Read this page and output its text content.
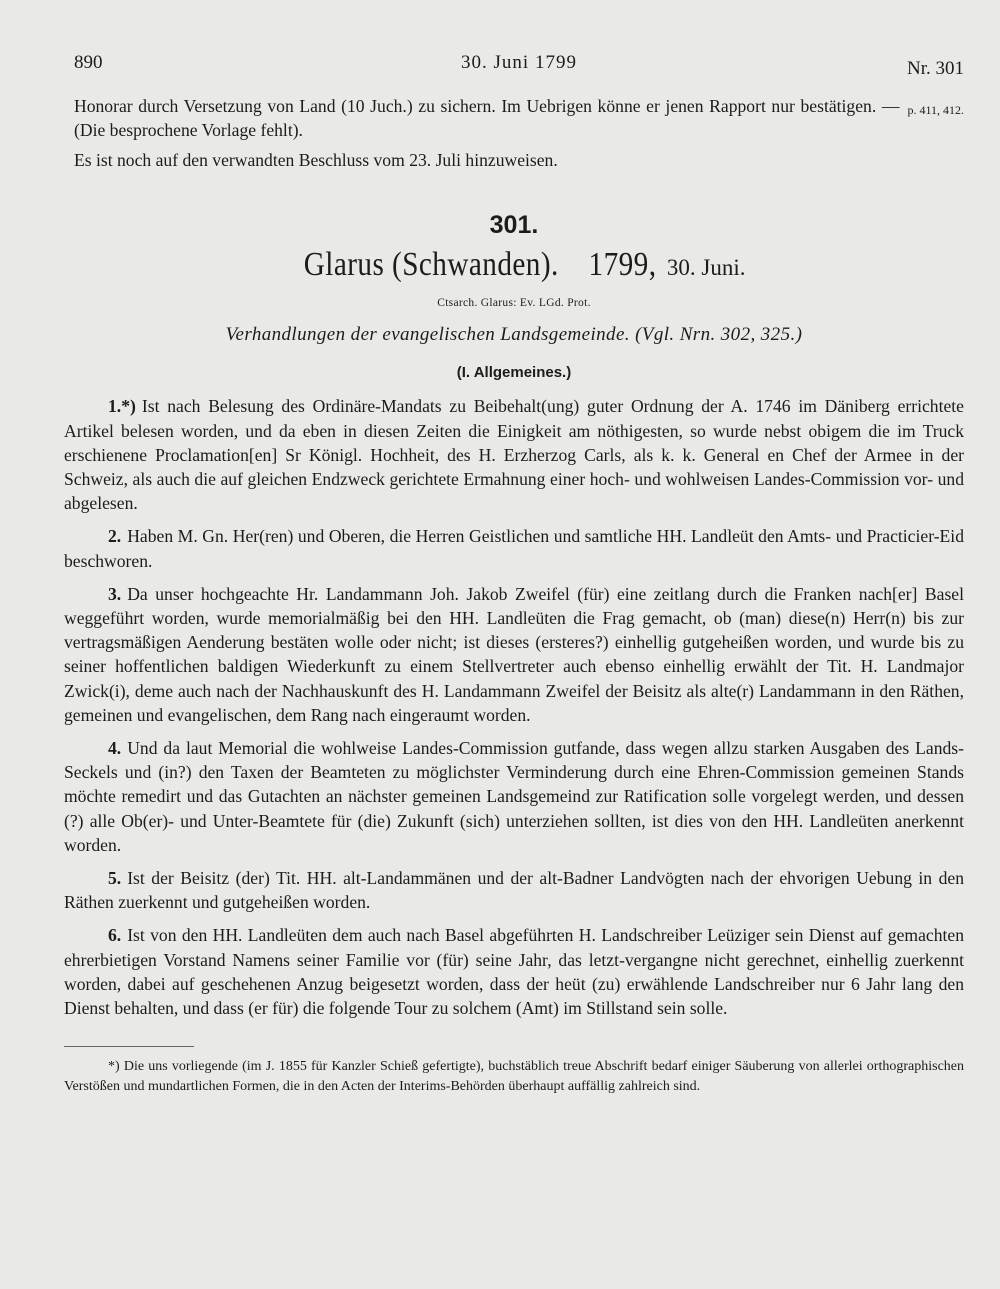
890	30. Juni 1799	Nr. 301

p. 411, 412.
Honorar durch Versetzung von Land (10 Juch.) zu sichern. Im Uebrigen könne er jenen Rapport nur bestätigen. — (Die besprochene Vorlage fehlt).

Es ist noch auf den verwandten Beschluss vom 23. Juli hinzuweisen.

301.
Glarus (Schwanden). 1799, 30. Juni.
Ctsarch. Glarus: Ev. LGd. Prot.
Verhandlungen der evangelischen Landsgemeinde. (Vgl. Nrn. 302, 325.)
(I. Allgemeines.)

1.*) Ist nach Belesung des Ordinäre-Mandats zu Beibehalt(ung) guter Ordnung der A. 1746 im Däniberg errichtete Artikel belesen worden, und da eben in diesen Zeiten die Einigkeit am nöthigesten, so wurde nebst obigem die im Truck erschienene Proclamation[en] Sr Königl. Hochheit, des H. Erzherzog Carls, als k. k. General en Chef der Armee in der Schweiz, als auch die auf gleichen Endzweck gerichtete Ermahnung einer hoch- und wohlweisen Landes-Commission vor- und abgelesen.

2. Haben M. Gn. Her(ren) und Oberen, die Herren Geistlichen und samtliche HH. Landleüt den Amts- und Practicier-Eid beschworen.

3. Da unser hochgeachte Hr. Landammann Joh. Jakob Zweifel (für) eine zeitlang durch die Franken nach[er] Basel weggeführt worden, wurde memorialmäßig bei den HH. Landleüten die Frag gemacht, ob (man) diese(n) Herr(n) bis zur vertragsmäßigen Aenderung bestäten wolle oder nicht; ist dieses (ersteres?) einhellig gutgeheißen worden, und wurde bis zu seiner hoffentlichen baldigen Wiederkunft zu einem Stellvertreter auch ebenso einhellig erwählt der Tit. H. Landmajor Zwick(i), deme auch nach der Nachhauskunft des H. Landammann Zweifel der Beisitz als alte(r) Landammann in den Räthen, gemeinen und evangelischen, dem Rang nach eingeraumt worden.

4. Und da laut Memorial die wohlweise Landes-Commission gutfande, dass wegen allzu starken Ausgaben des Lands-Seckels und (in?) den Taxen der Beamteten zu möglichster Verminderung durch eine Ehren-Commission gemeinen Stands möchte remedirt und das Gutachten an nächster gemeinen Landsgemeind zur Ratification solle vorgelegt werden, und dessen (?) alle Ob(er)- und Unter-Beamtete für (die) Zukunft (sich) unterziehen sollten, ist dies von den HH. Landleüten anerkennt worden.

5. Ist der Beisitz (der) Tit. HH. alt-Landammänen und der alt-Badner Landvögten nach der ehvorigen Uebung in den Räthen zuerkennt und gutgeheißen worden.

6. Ist von den HH. Landleüten dem auch nach Basel abgeführten H. Landschreiber Leüziger sein Dienst auf gemachten ehrerbietigen Vorstand Namens seiner Familie vor (für) seine Jahr, das letzt-vergangne nicht gerechnet, einhellig zuerkennt worden, dabei auf geschehenen Anzug beigesetzt worden, dass der heüt (zu) erwählende Landschreiber nur 6 Jahr lang den Dienst behalten, und dass (er für) die folgende Tour zu solchem (Amt) im Stillstand sein solle.

*) Die uns vorliegende (im J. 1855 für Kanzler Schieß gefertigte), buchstäblich treue Abschrift bedarf einiger Säuberung von allerlei orthographischen Verstößen und mundartlichen Formen, die in den Acten der Interims-Behörden überhaupt auffällig zahlreich sind.
